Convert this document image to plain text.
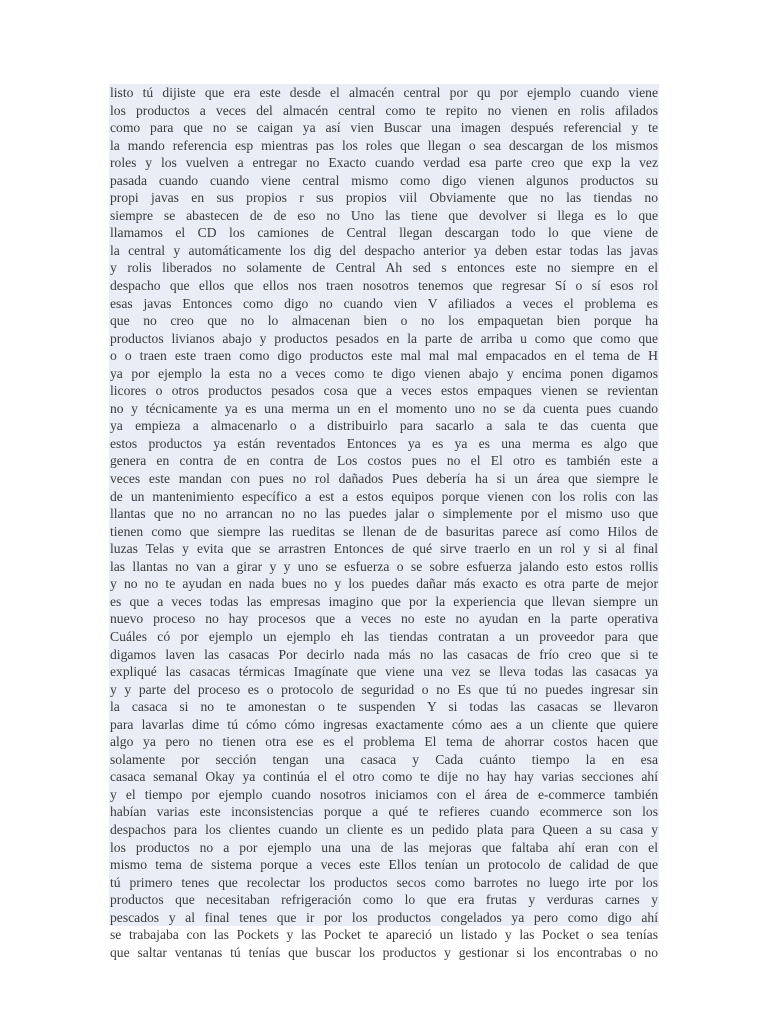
listo tú dijiste que era este desde el almacén central por qu por ejemplo cuando viene
los productos a veces del almacén central como te repito no vienen en rolis afilados
como para que no se caigan ya así vien Buscar una imagen después referencial y te
la mando referencia esp mientras pas los roles que llegan o sea descargan de los mismos
roles y los vuelven a entregar no Exacto cuando verdad esa parte creo que exp la vez
pasada cuando cuando viene central mismo como digo vienen algunos productos su
propi javas en sus propios r sus propios viil Obviamente que no las tiendas no
siempre se abastecen de de eso no Uno las tiene que devolver si llega es lo que
llamamos el CD los camiones de Central llegan descargan todo lo que viene de
la central y automáticamente los dig del despacho anterior ya deben estar todas las javas
y rolis liberados no solamente de Central Ah sed s entonces este no siempre en el
despacho que ellos que ellos nos traen nosotros tenemos que regresar Sí o sí esos rol
esas javas Entonces como digo no cuando vien V afiliados a veces el problema es
que no creo que no lo almacenan bien o no los empaquetan bien porque ha
productos livianos abajo y productos pesados en la parte de arriba u como que como que
o o traen este traen como digo productos este mal mal mal empacados en el tema de H
ya por ejemplo la esta no a veces como te digo vienen abajo y encima ponen digamos
licores o otros productos pesados cosa que a veces estos empaques vienen se revientan
no y técnicamente ya es una merma un en el momento uno no se da cuenta pues cuando
ya empieza a almacenarlo o a distribuirlo para sacarlo a sala te das cuenta que
estos productos ya están reventados Entonces ya es ya es una merma es algo que
genera en contra de en contra de Los costos pues no el El otro es también este a
veces este mandan con pues no rol dañados Pues debería ha si un área que siempre le
de un mantenimiento específico a est a estos equipos porque vienen con los rolis con las
llantas que no no arrancan no no las puedes jalar o simplemente por el mismo uso que
tienen como que siempre las rueditas se llenan de de basuritas parece así como Hilos de
luzas Telas y evita que se arrastren Entonces de qué sirve traerlo en un rol y si al final
las llantas no van a girar y y uno se esfuerza o se sobre esfuerza jalando esto estos rollis
y no no te ayudan en nada bues no y los puedes dañar más exacto es otra parte de mejor
es que a veces todas las empresas imagino que por la experiencia que llevan siempre un
nuevo proceso no hay procesos que a veces no este no ayudan en la parte operativa
Cuáles có por ejemplo un ejemplo eh las tiendas contratan a un proveedor para que
digamos laven las casacas Por decirlo nada más no las casacas de frío creo que si te
expliqué las casacas térmicas Imagínate que viene una vez se lleva todas las casacas ya
y y parte del proceso es o protocolo de seguridad o no Es que tú no puedes ingresar sin
la casaca si no te amonestan o te suspenden Y si todas las casacas se llevaron
para lavarlas dime tú cómo cómo ingresas exactamente cómo aes a un cliente que quiere
algo ya pero no tienen otra ese es el problema El tema de ahorrar costos hacen que
solamente por sección tengan una casaca y Cada cuánto tiempo la en esa
casaca semanal Okay ya continúa el el otro como te dije no hay hay varias secciones ahí
y el tiempo por ejemplo cuando nosotros iniciamos con el área de e-commerce también
habían varias este inconsistencias porque a qué te refieres cuando ecommerce son los
despachos para los clientes cuando un cliente es un pedido plata para Queen a su casa y
los productos no a por ejemplo una una de las mejoras que faltaba ahí eran con el
mismo tema de sistema porque a veces este Ellos tenían un protocolo de calidad de que
tú primero tenes que recolectar los productos secos como barrotes no luego irte por los
productos que necesitaban refrigeración como lo que era frutas y verduras carnes y
pescados y al final tenes que ir por los productos congelados ya pero como digo ahí
se trabajaba con las Pockets y las Pocket te apareció un listado y las Pocket o sea tenías
que saltar ventanas tú tenías que buscar los productos y gestionar si los encontrabas o no
